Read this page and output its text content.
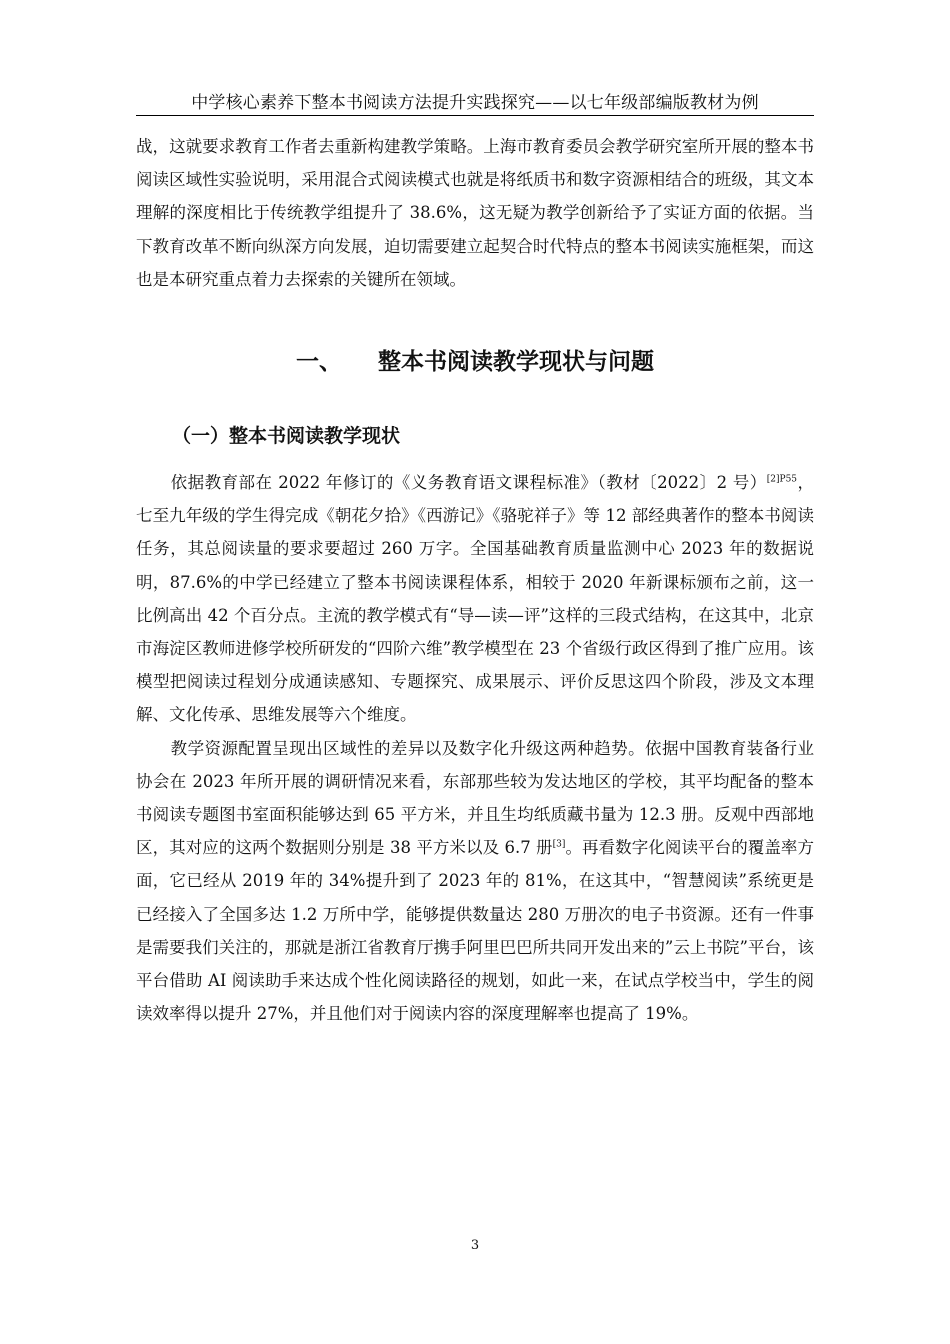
中学核心素养下整本书阅读方法提升实践探究——以七年级部编版教材为例

战，这就要求教育工作者去重新构建教学策略。上海市教育委员会教学研究室所开展的整本书阅读区域性实验说明，采用混合式阅读模式也就是将纸质书和数字资源相结合的班级，其文本理解的深度相比于传统教学组提升了 38.6%，这无疑为教学创新给予了实证方面的依据。当下教育改革不断向纵深方向发展，迫切需要建立起契合时代特点的整本书阅读实施框架，而这也是本研究重点着力去探索的关键所在领域。

一、 整本书阅读教学现状与问题
（一）整本书阅读教学现状

依据教育部在 2022 年修订的《义务教育语文课程标准》（教材〔2022〕2 号）$^{[2]P55}$，七至九年级的学生得完成《朝花夕拾》《西游记》《骆驼祥子》等 12 部经典著作的整本书阅读任务，其总阅读量的要求要超过 260 万字。全国基础教育质量监测中心 2023 年的数据说明，87.6%的中学已经建立了整本书阅读课程体系，相较于 2020 年新课标颁布之前，这一比例高出 42 个百分点。主流的教学模式有“导—读—评”这样的三段式结构，在这其中，北京市海淀区教师进修学校所研发的“四阶六维”教学模型在 23 个省级行政区得到了推广应用。该模型把阅读过程划分成通读感知、专题探究、成果展示、评价反思这四个阶段，涉及文本理解、文化传承、思维发展等六个维度。

教学资源配置呈现出区域性的差异以及数字化升级这两种趋势。依据中国教育装备行业协会在 2023 年所开展的调研情况来看，东部那些较为发达地区的学校，其平均配备的整本书阅读专题图书室面积能够达到 65 平方米，并且生均纸质藏书量为 12.3 册。反观中西部地区，其对应的这两个数据则分别是 38 平方米以及 6.7 册[3]。再看数字化阅读平台的覆盖率方面，它已经从 2019 年的 34%提升到了 2023 年的 81%，在这其中，“智慧阅读”系统更是已经接入了全国多达 1.2 万所中学，能够提供数量达 280 万册次的电子书资源。还有一件事是需要我们关注的，那就是浙江省教育厅携手阿里巴巴所共同开发出来的”云上书院”平台，该平台借助 AI 阅读助手来达成个性化阅读路径的规划，如此一来，在试点学校当中，学生的阅读效率得以提升 27%，并且他们对于阅读内容的深度理解率也提高了 19%。

3
